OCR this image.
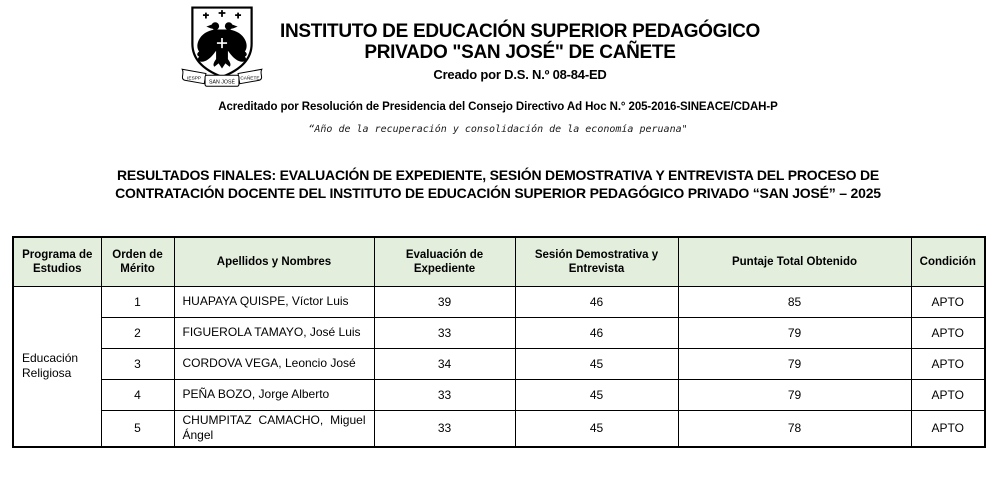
IESPP
SAN JOSÉ
CAÑETE
INSTITUTO DE EDUCACIÓN SUPERIOR PEDAGÓGICO
PRIVADO "SAN JOSÉ" DE CAÑETE
Creado por D.S. N.º 08-84-ED
Acreditado por Resolución de Presidencia del Consejo Directivo Ad Hoc N.° 205-2016-SINEACE/CDAH-P
“Año de la recuperación y consolidación de la economía peruana"
RESULTADOS FINALES: EVALUACIÓN DE EXPEDIENTE, SESIÓN DEMOSTRATIVA Y ENTREVISTA DEL PROCESO DE
CONTRATACIÓN DOCENTE DEL INSTITUTO DE EDUCACIÓN SUPERIOR PEDAGÓGICO PRIVADO “SAN JOSÉ” – 2025
Programa de Estudios	Orden de Mérito	Apellidos y Nombres	Evaluación de Expediente	Sesión Demostrativa y Entrevista	Puntaje Total Obtenido	Condición
Educación Religiosa	1	HUAPAYA QUISPE, Víctor Luis	39	46	85	APTO
	2	FIGUEROLA TAMAYO, José Luis	33	46	79	APTO
	3	CORDOVA VEGA, Leoncio José	34	45	79	APTO
	4	PEÑA BOZO, Jorge Alberto	33	45	79	APTO
	5	CHUMPITAZ CAMACHO, Miguel Ángel	33	45	78	APTO
